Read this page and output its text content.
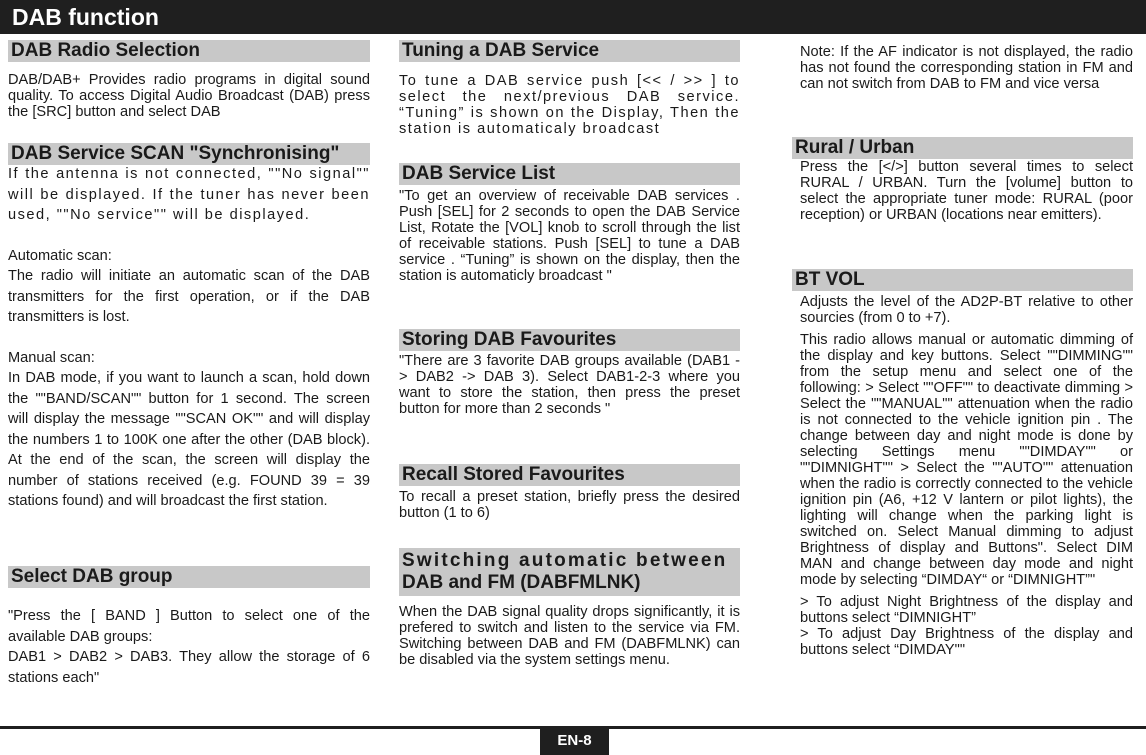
DAB function
DAB Radio Selection
DAB/DAB+ Provides radio programs in digital sound quality. To access Digital Audio Broadcast (DAB) press the [SRC] button and select DAB
DAB Service SCAN "Synchronising"

If the antenna is not connected, ""No signal"" will be displayed. If the tuner has never been used, ""No service"" will be displayed.

Automatic scan:

The radio will initiate an automatic scan of the DAB transmitters for the first operation, or if the DAB transmitters is lost.

Manual scan:

In DAB mode, if you want to launch a scan, hold down the ""BAND/SCAN"" button for 1 second. The screen will display the message ""SCAN OK"" and will display the numbers 1 to 100K one after the other (DAB block). At the end of the scan, the screen will display the number of stations received (e.g. FOUND 39 = 39 stations found) and will broadcast the first station.

Select DAB group

"Press the [ BAND ] Button to select one of the available DAB groups:

DAB1 > DAB2 > DAB3. They allow the storage of 6 stations each"

Tuning a DAB Service
To tune a DAB service push [<< / >> ] to select the next/previous DAB service. “Tuning” is shown on the Display, Then the station is automaticaly broadcast
DAB Service List
"To get an overview of receivable DAB services . Push [SEL] for 2 seconds to open the DAB Service List, Rotate the [VOL] knob to scroll through the list of receivable stations. Push [SEL] to tune a DAB service . “Tuning” is shown on the display, then the station is automaticly broadcast "
Storing DAB Favourites
"There are 3 favorite DAB groups available (DAB1 -> DAB2 -> DAB 3). Select DAB1-2-3 where you want to store the station, then press the preset button for more than 2 seconds "
Recall Stored Favourites
To recall a preset station, briefly press the desired button (1 to 6)
Switching automatic between
DAB and FM (DABFMLNK)
When the DAB signal quality drops significantly, it is prefered to switch and listen to the service via FM. Switching between DAB and FM (DABFMLNK) can be disabled via the system settings menu.
Note: If the AF indicator is not displayed, the radio has not found the corresponding station in FM and can not switch from DAB to FM and vice versa
Rural / Urban
Press the [</>] button several times to select RURAL / URBAN. Turn the [volume] button to select the appropriate tuner mode: RURAL (poor reception) or URBAN (locations near emitters).
BT VOL

Adjusts the level of the AD2P-BT relative to other sourcies (from 0 to +7).

This radio allows manual or automatic dimming of the display and key buttons. Select ""DIMMING"" from the setup menu and select one of the following: > Select ""OFF"" to deactivate dimming > Select the ""MANUAL"" attenuation when the radio is not connected to the vehicle ignition pin . The change between day and night mode is done by selecting Settings menu ""DIMDAY"" or ""DIMNIGHT"" > Select the ""AUTO"" attenuation when the radio is correctly connected to the vehicle ignition pin (A6, +12 V lantern or pilot lights), the lighting will change when the parking light is switched on. Select Manual dimming to adjust Brightness of display and Buttons". Select DIM MAN and change between day mode and night mode by selecting “DIMDAY“ or “DIMNIGHT”"

> To adjust Night Brightness of the display and buttons select “DIMNIGHT”

> To adjust Day Brightness of the display and buttons select “DIMDAY""

EN-8
